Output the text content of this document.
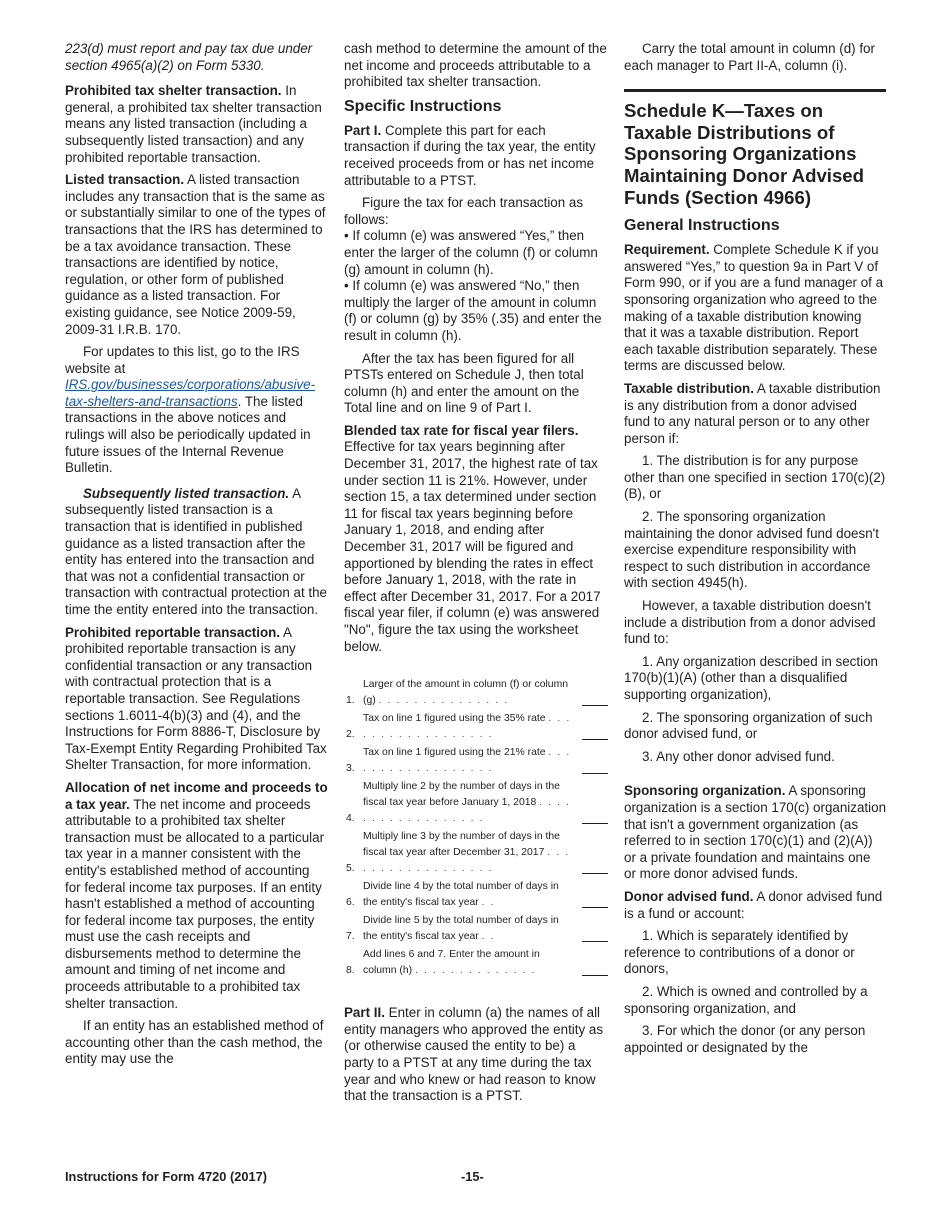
223(d) must report and pay tax due under section 4965(a)(2) on Form 5330.

Prohibited tax shelter transaction. In general, a prohibited tax shelter transaction means any listed transaction (including a subsequently listed transaction) and any prohibited reportable transaction.

Listed transaction. A listed transaction includes any transaction that is the same as or substantially similar to one of the types of transactions that the IRS has determined to be a tax avoidance transaction. These transactions are identified by notice, regulation, or other form of published guidance as a listed transaction. For existing guidance, see Notice 2009-59, 2009-31 I.R.B. 170.

For updates to this list, go to the IRS website at IRS.gov/businesses/corporations/abusive-tax-shelters-and-transactions. The listed transactions in the above notices and rulings will also be periodically updated in future issues of the Internal Revenue Bulletin.

Subsequently listed transaction. A subsequently listed transaction is a transaction that is identified in published guidance as a listed transaction after the entity has entered into the transaction and that was not a confidential transaction or transaction with contractual protection at the time the entity entered into the transaction.

Prohibited reportable transaction. A prohibited reportable transaction is any confidential transaction or any transaction with contractual protection that is a reportable transaction. See Regulations sections 1.6011-4(b)(3) and (4), and the Instructions for Form 8886-T, Disclosure by Tax-Exempt Entity Regarding Prohibited Tax Shelter Transaction, for more information.

Allocation of net income and proceeds to a tax year. The net income and proceeds attributable to a prohibited tax shelter transaction must be allocated to a particular tax year in a manner consistent with the entity's established method of accounting for federal income tax purposes. If an entity hasn't established a method of accounting for federal income tax purposes, the entity must use the cash receipts and disbursements method to determine the amount and timing of net income and proceeds attributable to a prohibited tax shelter transaction.

If an entity has an established method of accounting other than the cash method, the entity may use the

cash method to determine the amount of the net income and proceeds attributable to a prohibited tax shelter transaction.

Specific Instructions

Part I. Complete this part for each transaction if during the tax year, the entity received proceeds from or has net income attributable to a PTST.

Figure the tax for each transaction as follows:

• If column (e) was answered “Yes,” then enter the larger of the column (f) or column (g) amount in column (h).

• If column (e) was answered “No,” then multiply the larger of the amount in column (f) or column (g) by 35% (.35) and enter the result in column (h).

After the tax has been figured for all PTSTs entered on Schedule J, then total column (h) and enter the amount on the Total line and on line 9 of Part I.

Blended tax rate for fiscal year filers. Effective for tax years beginning after December 31, 2017, the highest rate of tax under section 11 is 21%. However, under section 15, a tax determined under section 11 for fiscal tax years beginning before January 1, 2018, and ending after December 31, 2017 will be figured and apportioned by blending the rates in effect before January 1, 2018, with the rate in effect after December 31, 2017. For a 2017 fiscal year filer, if column (e) was answered "No", figure the tax using the worksheet below.

1.
Larger of the amount in column (f) or column (g) . . . . . . . . . . . . . . .
2.
Tax on line 1 figured using the 35% rate . . . . . . . . . . . . . . . . . .
3.
Tax on line 1 figured using the 21% rate . . . . . . . . . . . . . . . . . .
4.
Multiply line 2 by the number of days in the fiscal tax year before January 1, 2018 . . . . . . . . . . . . . . . . . .
5.
Multiply line 3 by the number of days in the fiscal tax year after December 31, 2017 . . . . . . . . . . . . . . . . . .
6.
Divide line 4 by the total number of days in the entity's fiscal tax year . .
7.
Divide line 5 by the total number of days in the entity's fiscal tax year . .
8.
Add lines 6 and 7. Enter the amount in column (h) . . . . . . . . . . . . . .

Part II. Enter in column (a) the names of all entity managers who approved the entity as (or otherwise caused the entity to be) a party to a PTST at any time during the tax year and who knew or had reason to know that the transaction is a PTST.

Carry the total amount in column (d) for each manager to Part II-A, column (i).

Schedule K—Taxes on Taxable Distributions of Sponsoring Organizations Maintaining Donor Advised Funds (Section 4966)
General Instructions

Requirement. Complete Schedule K if you answered “Yes,” to question 9a in Part V of Form 990, or if you are a fund manager of a sponsoring organization who agreed to the making of a taxable distribution knowing that it was a taxable distribution. Report each taxable distribution separately. These terms are discussed below.

Taxable distribution. A taxable distribution is any distribution from a donor advised fund to any natural person or to any other person if:

1. The distribution is for any purpose other than one specified in section 170(c)(2)(B), or

2. The sponsoring organization maintaining the donor advised fund doesn't exercise expenditure responsibility with respect to such distribution in accordance with section 4945(h).

However, a taxable distribution doesn't include a distribution from a donor advised fund to:

1. Any organization described in section 170(b)(1)(A) (other than a disqualified supporting organization),

2. The sponsoring organization of such donor advised fund, or

3. Any other donor advised fund.

Sponsoring organization. A sponsoring organization is a section 170(c) organization that isn't a government organization (as referred to in section 170(c)(1) and (2)(A)) or a private foundation and maintains one or more donor advised funds.

Donor advised fund. A donor advised fund is a fund or account:

1. Which is separately identified by reference to contributions of a donor or donors,

2. Which is owned and controlled by a sponsoring organization, and

3. For which the donor (or any person appointed or designated by the

Instructions for Form 4720 (2017)	-15-
